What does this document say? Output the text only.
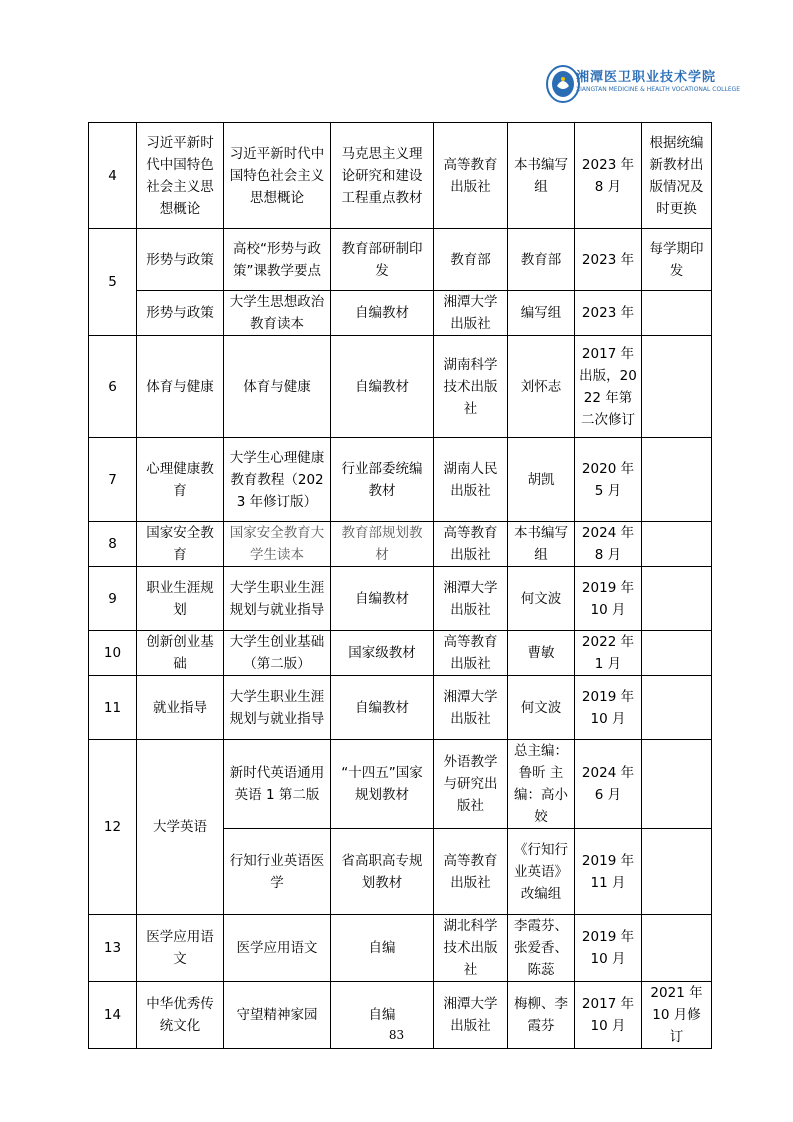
湘潭医卫职业技术学院
XIANGTAN MEDICINE & HEALTH VOCATIONAL COLLEGE
4	习近平新时代中国特色社会主义思想概论	习近平新时代中国特色社会主义思想概论	马克思主义理论研究和建设工程重点教材	高等教育出版社	本书编写组	2023 年 8 月	根据统编新教材出版情况及时更换
5	形势与政策	高校“形势与政策”课教学要点	教育部研制印发	教育部	教育部	2023 年	每学期印发
	形势与政策	大学生思想政治教育读本	自编教材	湘潭大学出版社	编写组	2023 年	
6	体育与健康	体育与健康	自编教材	湖南科学技术出版社	刘怀志	2017 年出版，2022 年第二次修订	
7	心理健康教育	大学生心理健康教育教程（2023 年修订版）	行业部委统编教材	湖南人民出版社	胡凯	2020 年 5 月	
8	国家安全教育	国家安全教育大学生读本	教育部规划教材	高等教育出版社	本书编写组	2024 年 8 月	
9	职业生涯规划	大学生职业生涯规划与就业指导	自编教材	湘潭大学出版社	何文波	2019 年 10 月	
10	创新创业基础	大学生创业基础（第二版）	国家级教材	高等教育出版社	曹敏	2022 年 1 月	
11	就业指导	大学生职业生涯规划与就业指导	自编教材	湘潭大学出版社	何文波	2019 年 10 月	
12	大学英语	新时代英语通用英语 1 第二版	“十四五”国家规划教材	外语教学与研究出版社	总主编：鲁昕 主编：高小姣	2024 年 6 月	
		行知行业英语医学	省高职高专规划教材	高等教育出版社	《行知行业英语》改编组	2019 年 11 月	
13	医学应用语文	医学应用语文	自编	湖北科学技术出版社	李霞芬、张爱香、陈蕊	2019 年 10 月	
14	中华优秀传统文化	守望精神家园	自编	湘潭大学出版社	梅柳、李霞芬	2017 年 10 月	2021 年 10 月修订
83
